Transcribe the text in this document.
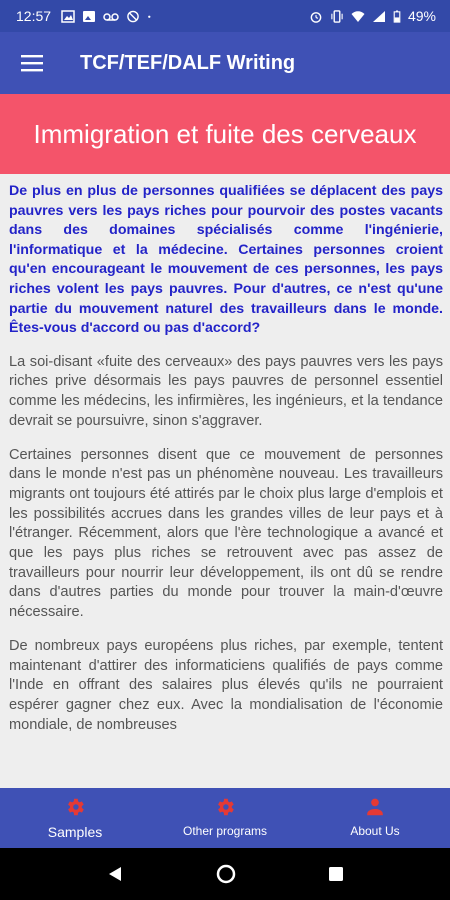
12:57	49%
TCF/TEF/DALF Writing
Immigration et fuite des cerveaux

De plus en plus de personnes qualifiées se déplacent des pays pauvres vers les pays riches pour pourvoir des postes vacants dans des domaines spécialisés comme l'ingénierie, l'informatique et la médecine. Certaines personnes croient qu'en encourageant le mouvement de ces personnes, les pays riches volent les pays pauvres. Pour d'autres, ce n'est qu'une partie du mouvement naturel des travailleurs dans le monde. Êtes-vous d'accord ou pas d'accord?

La soi-disant «fuite des cerveaux» des pays pauvres vers les pays riches prive désormais les pays pauvres de personnel essentiel comme les médecins, les infirmières, les ingénieurs, et la tendance devrait se poursuivre, sinon s'aggraver.

Certaines personnes disent que ce mouvement de personnes dans le monde n'est pas un phénomène nouveau. Les travailleurs migrants ont toujours été attirés par le choix plus large d'emplois et les possibilités accrues dans les grandes villes de leur pays et à l'étranger. Récemment, alors que l'ère technologique a avancé et que les pays plus riches se retrouvent avec pas assez de travailleurs pour nourrir leur développement, ils ont dû se rendre dans d'autres parties du monde pour trouver la main-d'œuvre nécessaire.

De nombreux pays européens plus riches, par exemple, tentent maintenant d'attirer des informaticiens qualifiés de pays comme l'Inde en offrant des salaires plus élevés qu'ils ne pourraient espérer gagner chez eux. Avec la mondialisation de l'économie mondiale, de nombreuses

Samples	Other programs	About Us
